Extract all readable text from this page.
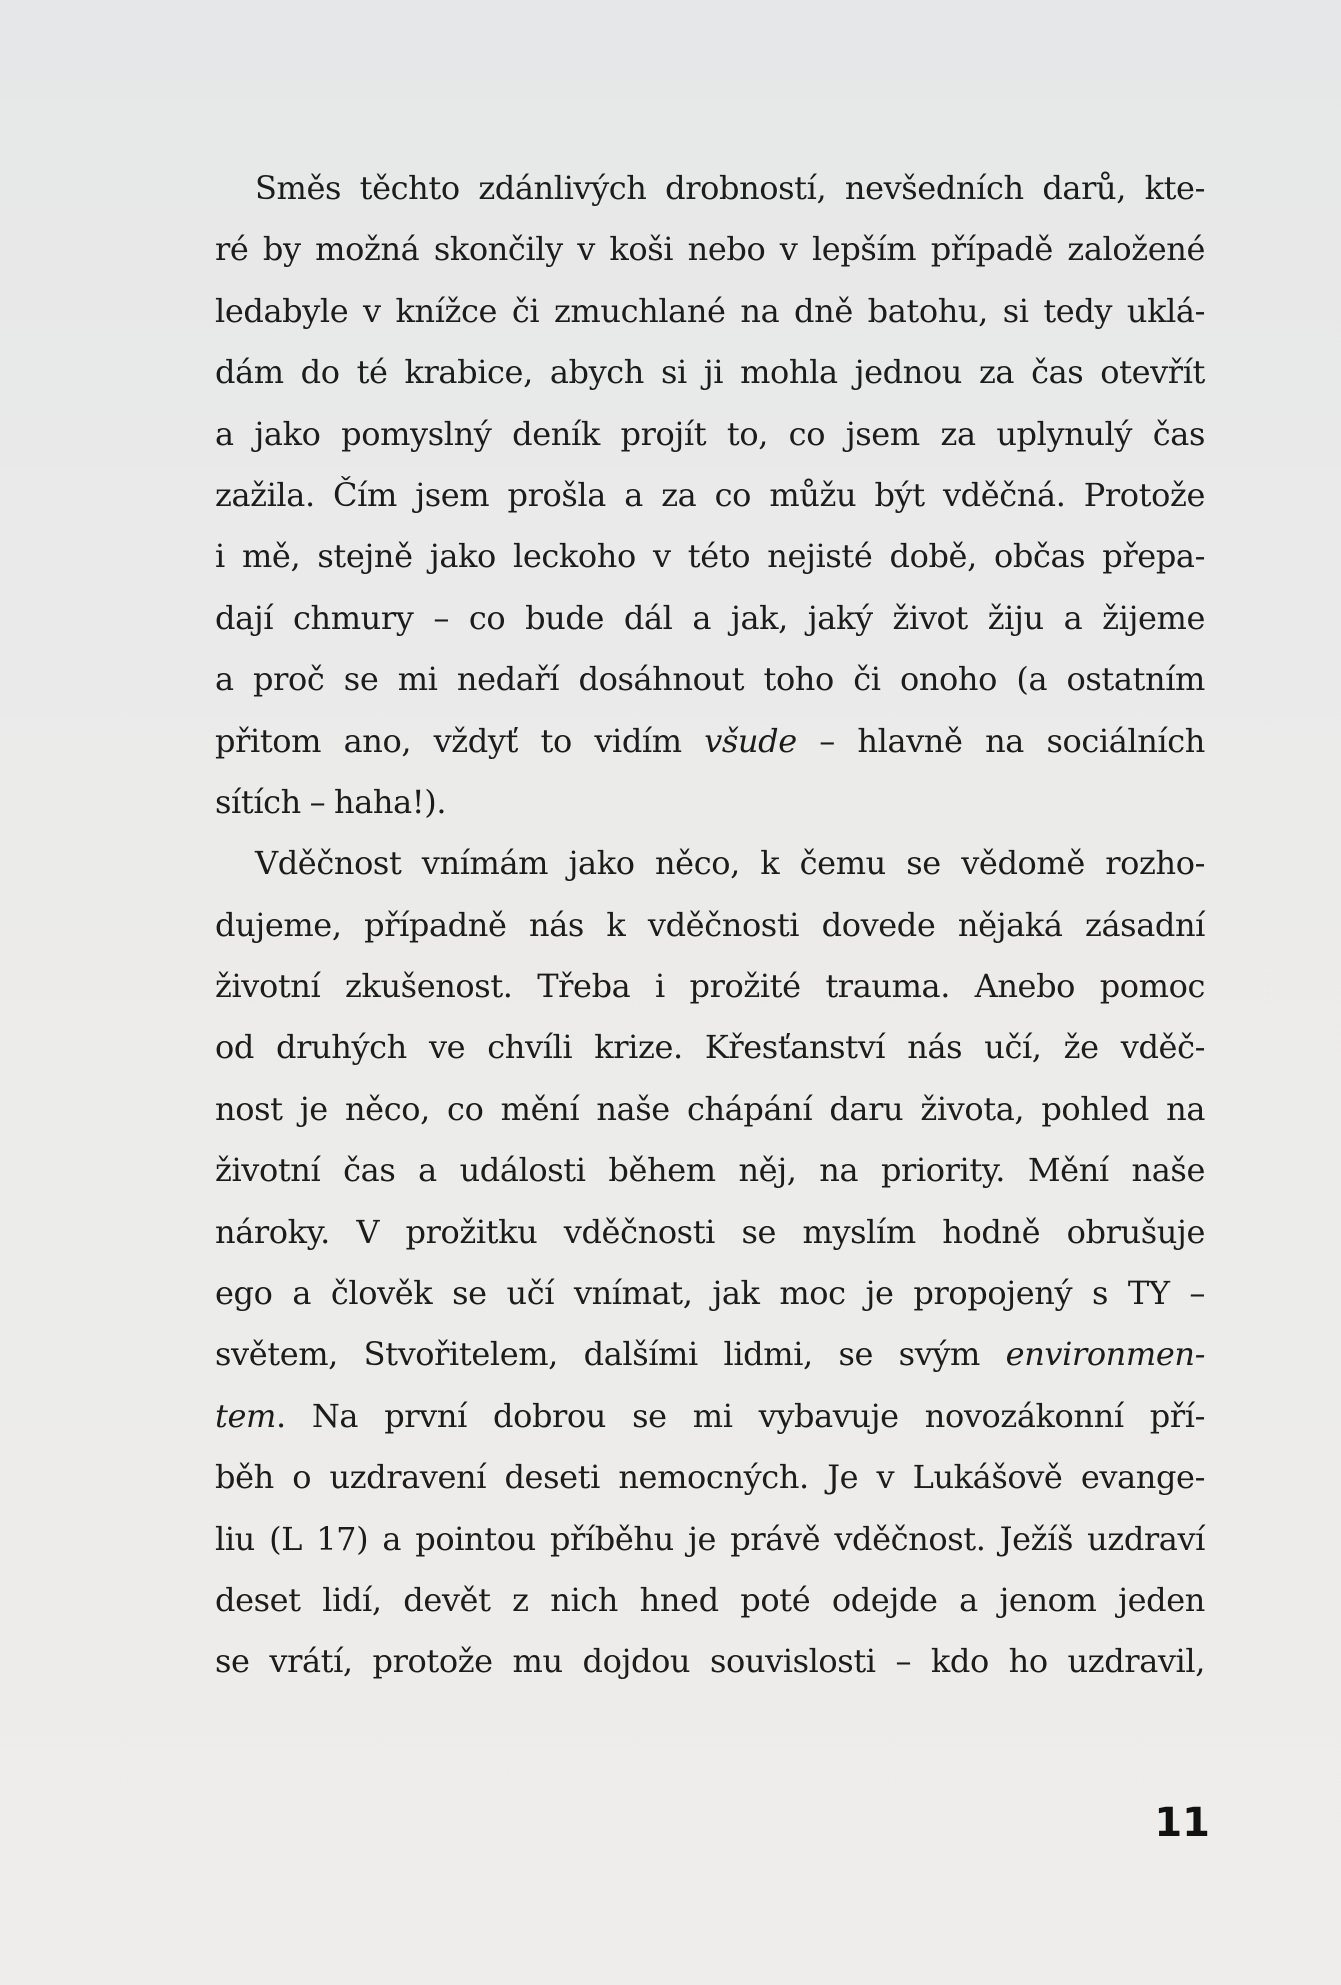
Směs těchto zdánlivých drobností, nevšedních darů, kte-
ré by možná skončily v koši nebo v lepším případě založené
ledabyle v knížce či zmuchlané na dně batohu, si tedy uklá-
dám do té krabice, abych si ji mohla jednou za čas otevřít
a jako pomyslný deník projít to, co jsem za uplynulý čas
zažila. Čím jsem prošla a za co můžu být vděčná. Protože
i mě, stejně jako leckoho v této nejisté době, občas přepa-
dají chmury – co bude dál a jak, jaký život žiju a žijeme
a proč se mi nedaří dosáhnout toho či onoho (a ostatním
přitom ano, vždyť to vidím všude – hlavně na sociálních
sítích – haha!).
Vděčnost vnímám jako něco, k čemu se vědomě rozho-
dujeme, případně nás k vděčnosti dovede nějaká zásadní
životní zkušenost. Třeba i prožité trauma. Anebo pomoc
od druhých ve chvíli krize. Křesťanství nás učí, že vděč-
nost je něco, co mění naše chápání daru života, pohled na
životní čas a události během něj, na priority. Mění naše
nároky. V prožitku vděčnosti se myslím hodně obrušuje
ego a člověk se učí vnímat, jak moc je propojený s TY –
světem, Stvořitelem, dalšími lidmi, se svým environmen-
tem. Na první dobrou se mi vybavuje novozákonní pří-
běh o uzdravení deseti nemocných. Je v Lukášově evange-
liu (L 17) a pointou příběhu je právě vděčnost. Ježíš uzdraví
deset lidí, devět z nich hned poté odejde a jenom jeden
se vrátí, protože mu dojdou souvislosti – kdo ho uzdravil,
11
